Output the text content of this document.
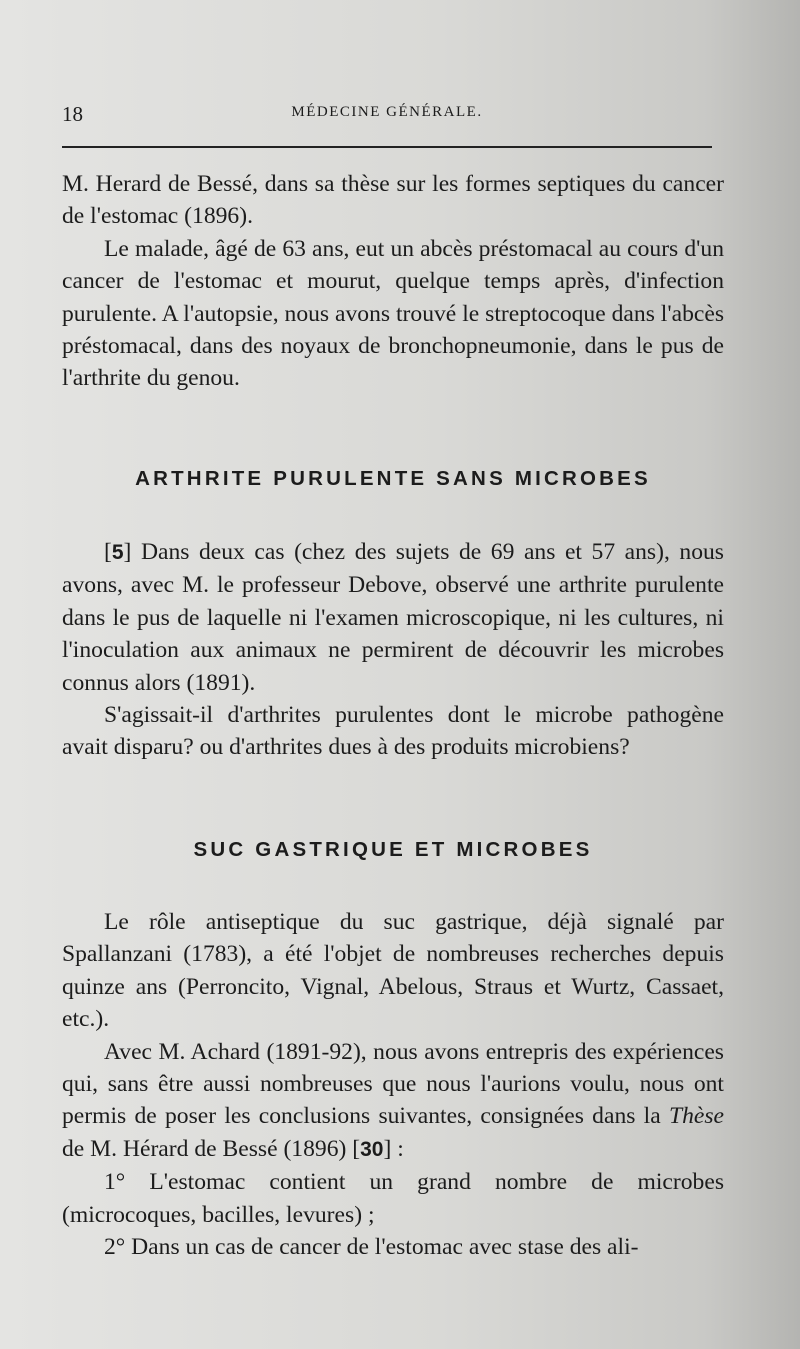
18	MÉDECINE GÉNÉRALE.

M. Herard de Bessé, dans sa thèse sur les formes septiques du cancer de l'estomac (1896).

Le malade, âgé de 63 ans, eut un abcès préstomacal au cours d'un cancer de l'estomac et mourut, quelque temps après, d'infection purulente. A l'autopsie, nous avons trouvé le streptocoque dans l'abcès préstomacal, dans des noyaux de bronchopneumonie, dans le pus de l'arthrite du genou.

ARTHRITE PURULENTE SANS MICROBES

[5] Dans deux cas (chez des sujets de 69 ans et 57 ans), nous avons, avec M. le professeur Debove, observé une arthrite purulente dans le pus de laquelle ni l'examen microscopique, ni les cultures, ni l'inoculation aux animaux ne permirent de découvrir les microbes connus alors (1891).

S'agissait-il d'arthrites purulentes dont le microbe pathogène avait disparu? ou d'arthrites dues à des produits microbiens?

SUC GASTRIQUE ET MICROBES

Le rôle antiseptique du suc gastrique, déjà signalé par Spallanzani (1783), a été l'objet de nombreuses recherches depuis quinze ans (Perroncito, Vignal, Abelous, Straus et Wurtz, Cassaet, etc.).

Avec M. Achard (1891-92), nous avons entrepris des expériences qui, sans être aussi nombreuses que nous l'aurions voulu, nous ont permis de poser les conclusions suivantes, consignées dans la Thèse de M. Hérard de Bessé (1896) [30] :

1° L'estomac contient un grand nombre de microbes (microcoques, bacilles, levures) ;

2° Dans un cas de cancer de l'estomac avec stase des ali-
